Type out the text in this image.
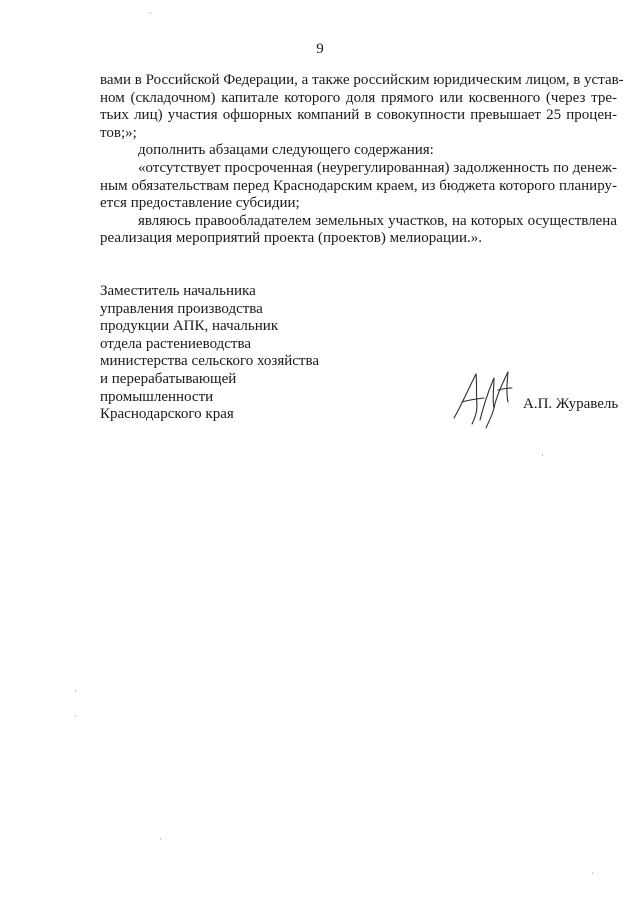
9
вами в Российской Федерации, а также российским юридическим лицом, в устав-
ном (складочном) капитале которого доля прямого или косвенного (через тре-
тьих лиц) участия офшорных компаний в совокупности превышает 25 процен-
тов;»;
дополнить абзацами следующего содержания:
«отсутствует просроченная (неурегулированная) задолженность по денеж-
ным обязательствам перед Краснодарским краем, из бюджета которого планиру-
ется предоставление субсидии;
являюсь правообладателем земельных участков, на которых осуществлена
реализация мероприятий проекта (проектов) мелиорации.».
Заместитель начальника
управления производства
продукции АПК, начальник
отдела растениеводства
министерства сельского хозяйства
и перерабатывающей
промышленности
Краснодарского края
А.П. Журавель
